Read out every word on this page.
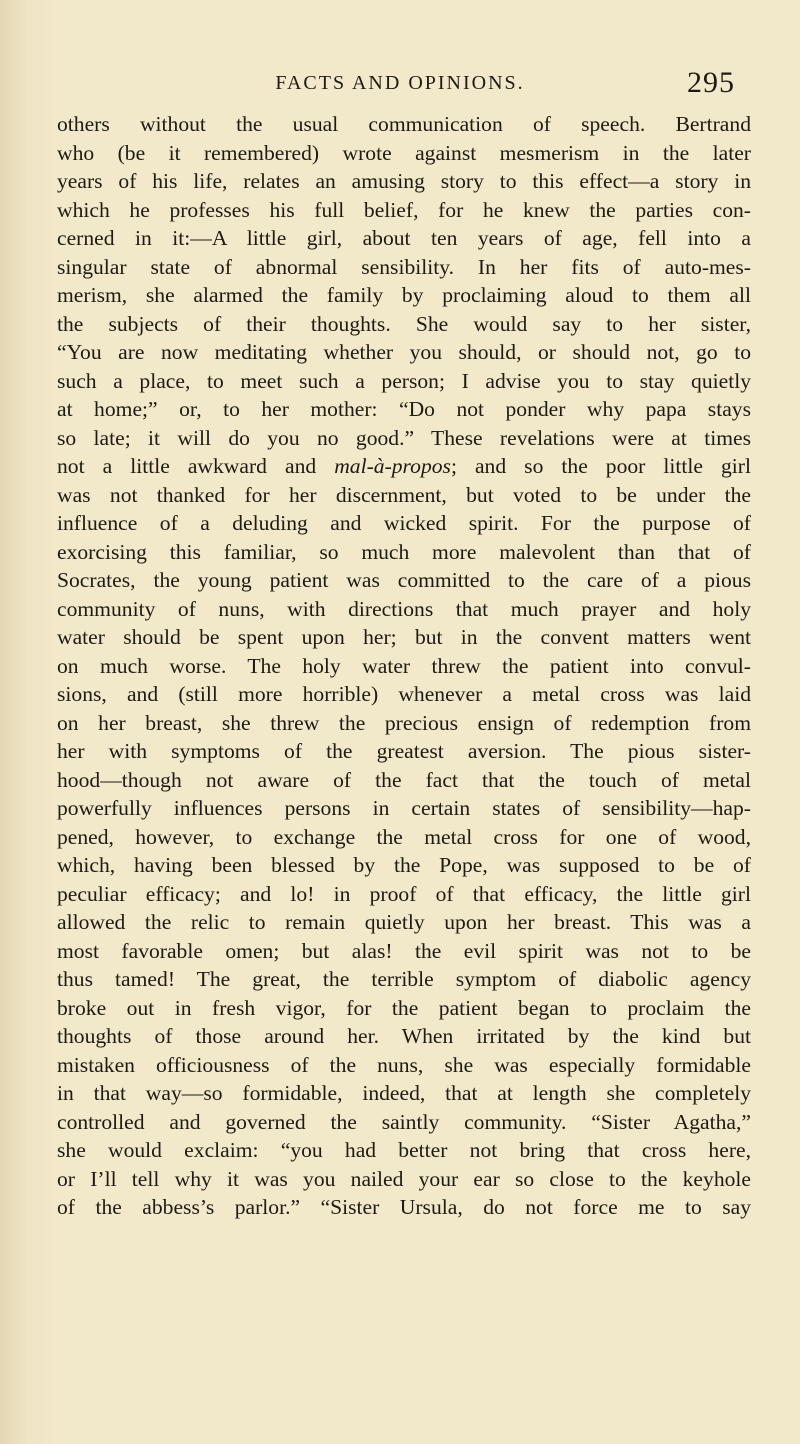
FACTS AND OPINIONS.	295
others without the usual communication of speech. Bertrand
who (be it remembered) wrote against mesmerism in the later
years of his life, relates an amusing story to this effect—a story in
which he professes his full belief, for he knew the parties con-
cerned in it:—A little girl, about ten years of age, fell into a
singular state of abnormal sensibility. In her fits of auto-mes-
merism, she alarmed the family by proclaiming aloud to them all
the subjects of their thoughts. She would say to her sister,
“You are now meditating whether you should, or should not, go to
such a place, to meet such a person; I advise you to stay quietly
at home;” or, to her mother: “Do not ponder why papa stays
so late; it will do you no good.” These revelations were at times
not a little awkward and mal-à-propos; and so the poor little girl
was not thanked for her discernment, but voted to be under the
influence of a deluding and wicked spirit. For the purpose of
exorcising this familiar, so much more malevolent than that of
Socrates, the young patient was committed to the care of a pious
community of nuns, with directions that much prayer and holy
water should be spent upon her; but in the convent matters went
on much worse. The holy water threw the patient into convul-
sions, and (still more horrible) whenever a metal cross was laid
on her breast, she threw the precious ensign of redemption from
her with symptoms of the greatest aversion. The pious sister-
hood—though not aware of the fact that the touch of metal
powerfully influences persons in certain states of sensibility—hap-
pened, however, to exchange the metal cross for one of wood,
which, having been blessed by the Pope, was supposed to be of
peculiar efficacy; and lo! in proof of that efficacy, the little girl
allowed the relic to remain quietly upon her breast. This was a
most favorable omen; but alas! the evil spirit was not to be
thus tamed! The great, the terrible symptom of diabolic agency
broke out in fresh vigor, for the patient began to proclaim the
thoughts of those around her. When irritated by the kind but
mistaken officiousness of the nuns, she was especially formidable
in that way—so formidable, indeed, that at length she completely
controlled and governed the saintly community. “Sister Agatha,”
she would exclaim: “you had better not bring that cross here,
or I’ll tell why it was you nailed your ear so close to the keyhole
of the abbess’s parlor.” “Sister Ursula, do not force me to say
